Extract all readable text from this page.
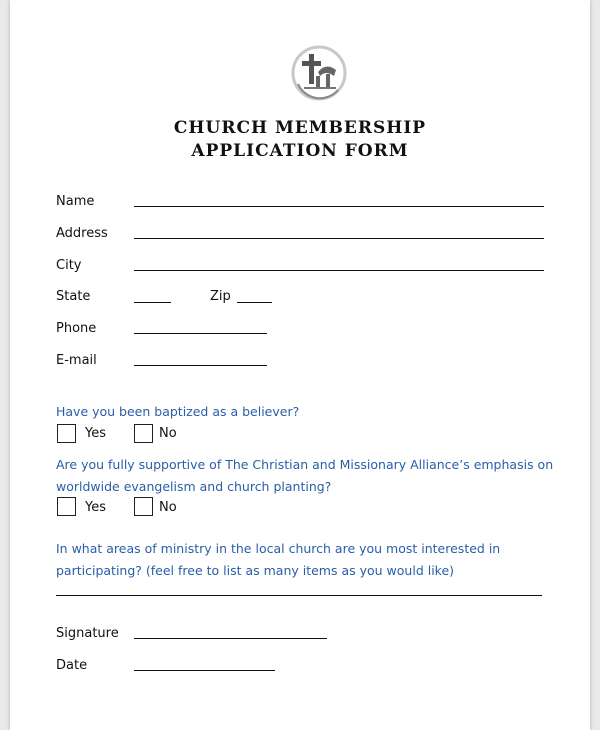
CHURCH MEMBERSHIP
APPLICATION FORM
Name
Address
City
State	Zip
Phone
E-mail
Have you been baptized as a believer?
Yes	No
Are you fully supportive of The Christian and Missionary Alliance’s emphasis on
worldwide evangelism and church planting?
Yes	No
In what areas of ministry in the local church are you most interested in
participating? (feel free to list as many items as you would like)
Signature
Date
